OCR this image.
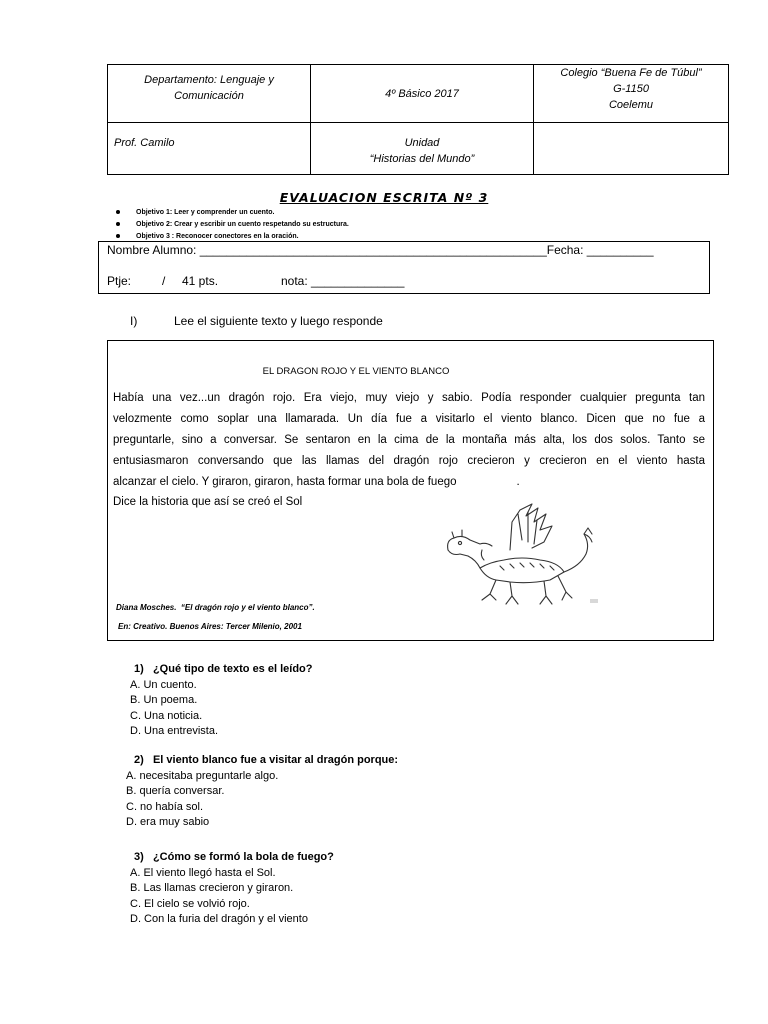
Departamento: Lenguaje y Comunicación	4º Básico 2017	Colegio “Buena Fe de Túbul”
G-1150
Coelemu

Prof. Camilo	Unidad
“Historias del Mundo”	

EVALUACION ESCRITA Nº 3
Objetivo 1: Leer y comprender un cuento.
Objetivo 2: Crear y escribir un cuento respetando su estructura.
Objetivo 3 : Reconocer conectores en la oración.
Nombre Alumno: ____________________________________________________Fecha: __________
Ptje:	/ 41 pts.	nota: ______________
I)	Lee el siguiente texto y luego responde
EL DRAGON ROJO Y EL VIENTO BLANCO
Había una vez...un dragón rojo. Era viejo, muy viejo y sabio. Podía responder cualquier pregunta tan
velozmente como soplar una llamarada. Un día fue a visitarlo el viento blanco. Dicen que no fue a
preguntarle, sino a conversar. Se sentaron en la cima de la montaña más alta, los dos solos. Tanto se
entusiasmaron conversando que las llamas del dragón rojo crecieron y crecieron en el viento hasta
alcanzar el cielo. Y giraron, giraron, hasta formar una bola de fuego	.
Dice la historia que así se creó el Sol
Diana Mosches. “El dragón rojo y el viento blanco”.
En: Creativo. Buenos Aires: Tercer Milenio, 2001
1) ¿Qué tipo de texto es el leído?
A. Un cuento.
B. Un poema.
C. Una noticia.
D. Una entrevista.
2) El viento blanco fue a visitar al dragón porque:
A. necesitaba preguntarle algo.
B. quería conversar.
C. no había sol.
D. era muy sabio
3) ¿Cómo se formó la bola de fuego?
A. El viento llegó hasta el Sol.
B. Las llamas crecieron y giraron.
C. El cielo se volvió rojo.
D. Con la furia del dragón y el viento
